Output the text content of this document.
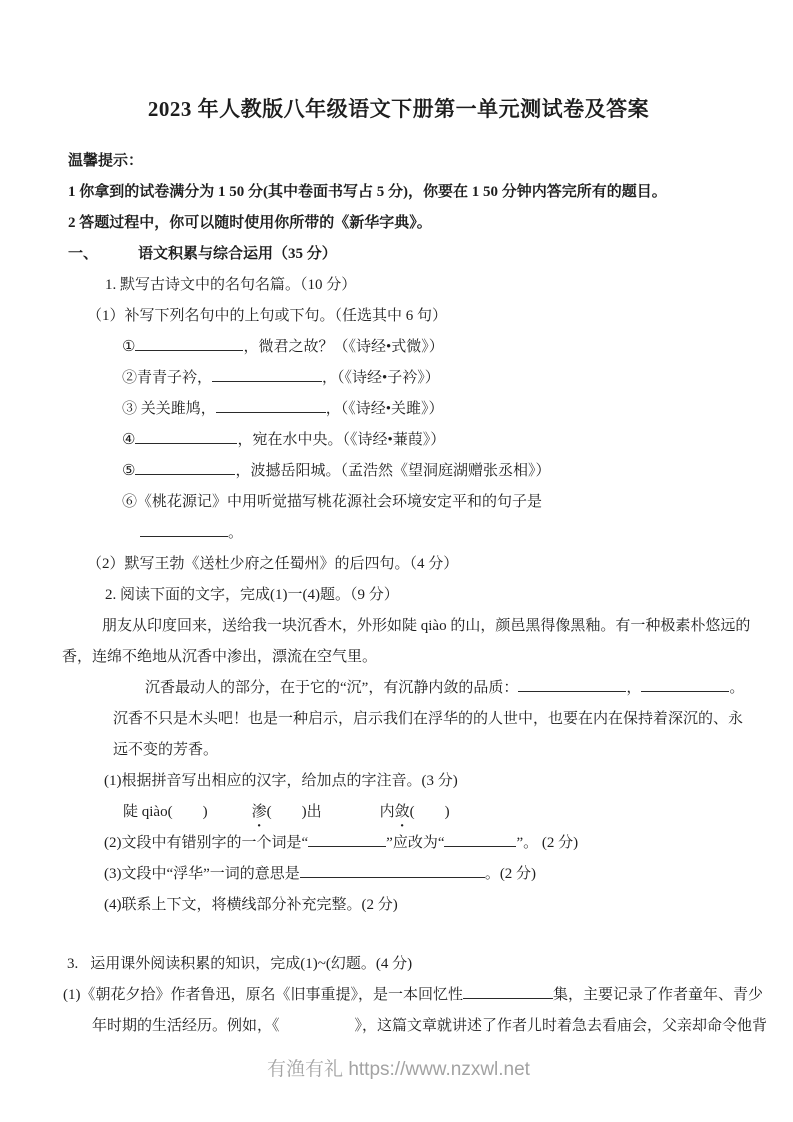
2023 年人教版八年级语文下册第一单元测试卷及答案
温馨提示：
1 你拿到的试卷满分为 1 50 分(其中卷面书写占 5 分)，你要在 1 50 分钟内答完所有的题目。
2 答题过程中，你可以随时使用你所带的《新华字典》。
一、	语文积累与综合运用（35 分）
1. 默写古诗文中的名句名篇。（10 分）
（1）补写下列名句中的上句或下句。（任选其中 6 句）
①	，微君之故？（《诗经•式微》）
②青青子衿，	，（《诗经•子衿》）
③ 关关雎鸠，	，（《诗经•关雎》）
④	，宛在水中央。（《诗经•蒹葭》）
⑤	，波撼岳阳城。（孟浩然《望洞庭湖赠张丞相》）
⑥《桃花源记》中用听觉描写桃花源社会环境安定平和的句子是
。
（2）默写王勃《送杜少府之任蜀州》的后四句。（4 分）
2. 阅读下面的文字，完成(1)一(4)题。（9 分）
朋友从印度回来，送给我一块沉香木，外形如陡 qiào 的山，颜邑黑得像黑釉。有一种极素朴悠远的
香，连绵不绝地从沉香中渗出，漂流在空气里。
沉香最动人的部分，在于它的“沉”，有沉静内敛的品质：	，	。
沉香不只是木头吧！也是一种启示，启示我们在浮华的的人世中，也要在内在保持着深沉的、永
远不变的芳香。
(1)根据拼音写出相应的汉字，给加点的字注音。(3 分)
陡 qiào(　　)	渗(　　)出	内敛(　　)
(2)文段中有错别字的一个词是“	”应改为“	”。 (2 分)
(3)文段中“浮华”一词的意思是	。(2 分)
(4)联系上下文，将横线部分补充完整。(2 分)
3. 运用课外阅读积累的知识，完成(1)~(幻题。(4 分)
(1)《朝花夕拾》作者鲁迅，原名《旧事重提》，是一本回忆性	集，主要记录了作者童年、青少
年时期的生活经历。例如，《　　　　　》，这篇文章就讲述了作者儿时着急去看庙会，父亲却命令他背
有渔有礼 https://www.nzxwl.net
